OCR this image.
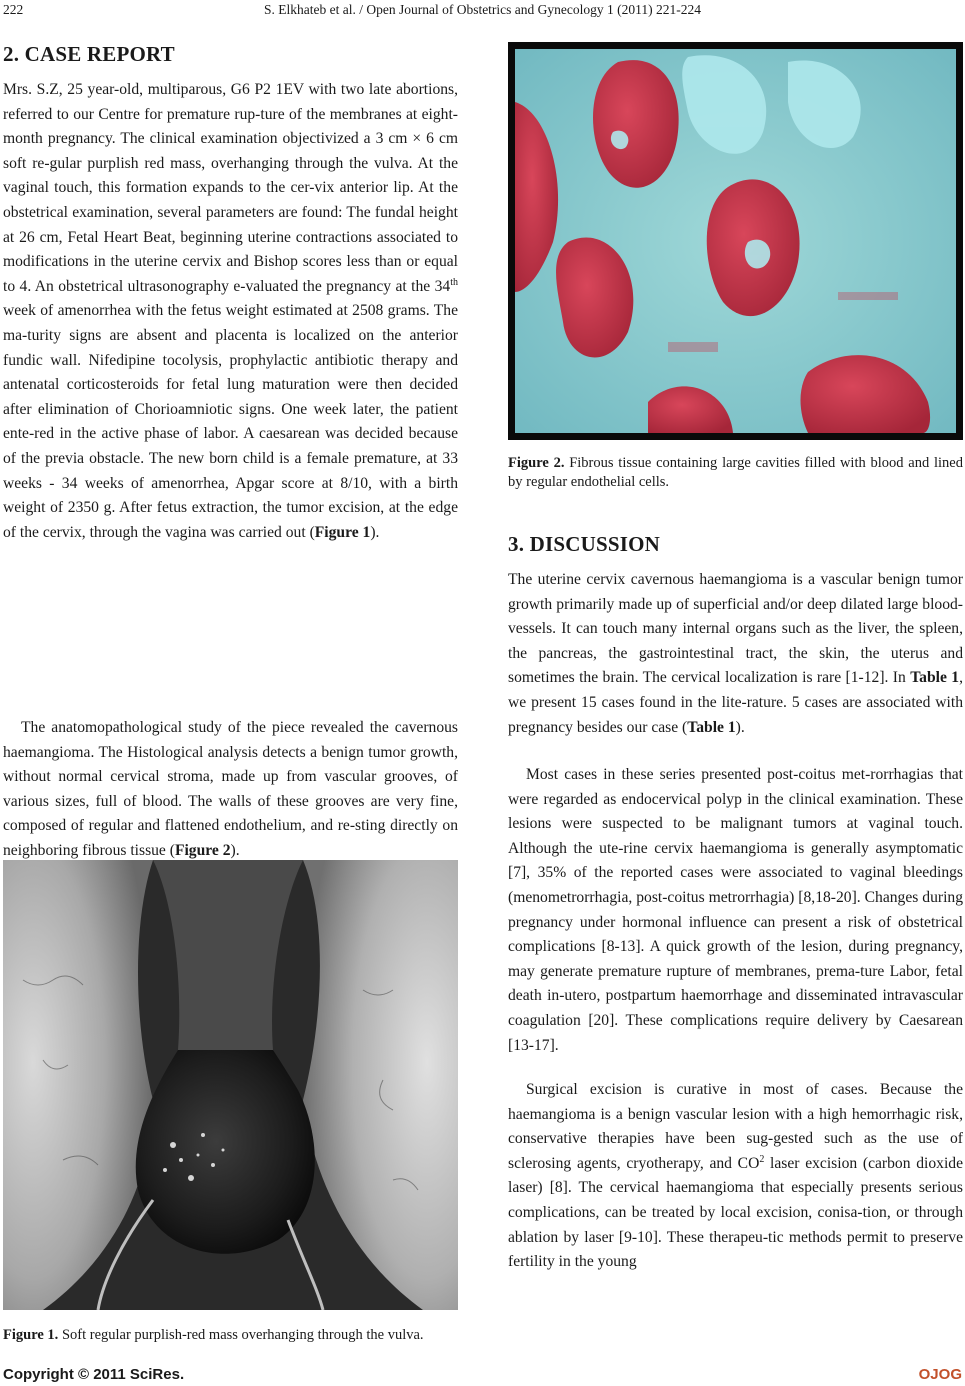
222	S. Elkhateb et al. / Open Journal of Obstetrics and Gynecology 1 (2011) 221-224
2. CASE REPORT

Mrs. S.Z, 25 year-old, multiparous, G6 P2 1EV with two late abortions, referred to our Centre for premature rup-ture of the membranes at eight-month pregnancy. The clinical examination objectivized a 3 cm × 6 cm soft re-gular purplish red mass, overhanging through the vulva. At the vaginal touch, this formation expands to the cer-vix anterior lip. At the obstetrical examination, several parameters are found: The fundal height at 26 cm, Fetal Heart Beat, beginning uterine contractions associated to modifications in the uterine cervix and Bishop scores less than or equal to 4. An obstetrical ultrasonography e-valuated the pregnancy at the 34th week of amenorrhea with the fetus weight estimated at 2508 grams. The ma-turity signs are absent and placenta is localized on the anterior fundic wall. Nifedipine tocolysis, prophylactic antibiotic therapy and antenatal corticosteroids for fetal lung maturation were then decided after elimination of Chorioamniotic signs. One week later, the patient ente-red in the active phase of labor. A caesarean was decided because of the previa obstacle. The new born child is a female premature, at 33 weeks - 34 weeks of amenorrhea, Apgar score at 8/10, with a birth weight of 2350 g. After fetus extraction, the tumor excision, at the edge of the cervix, through the vagina was carried out (Figure 1).

The anatomopathological study of the piece revealed the cavernous haemangioma. The Histological analysis detects a benign tumor growth, without normal cervical stroma, made up from vascular grooves, of various sizes, full of blood. The walls of these grooves are very fine, composed of regular and flattened endothelium, and re-sting directly on neighboring fibrous tissue (Figure 2).

Figure 1. Soft regular purplish-red mass overhanging through the vulva.

Figure 2. Fibrous tissue containing large cavities filled with blood and lined by regular endothelial cells.

3. DISCUSSION

The uterine cervix cavernous haemangioma is a vascular benign tumor growth primarily made up of superficial and/or deep dilated large blood-vessels. It can touch many internal organs such as the liver, the spleen, the pancreas, the gastrointestinal tract, the skin, the uterus and sometimes the brain. The cervical localization is rare [1-12]. In Table 1, we present 15 cases found in the lite-rature. 5 cases are associated with pregnancy besides our case (Table 1).

Most cases in these series presented post-coitus met-rorrhagias that were regarded as endocervical polyp in the clinical examination. These lesions were suspected to be malignant tumors at vaginal touch. Although the ute-rine cervix haemangioma is generally asymptomatic [7], 35% of the reported cases were associated to vaginal bleedings (menometrorrhagia, post-coitus metrorrhagia) [8,18-20]. Changes during pregnancy under hormonal influence can present a risk of obstetrical complications [8-13]. A quick growth of the lesion, during pregnancy, may generate premature rupture of membranes, prema-ture Labor, fetal death in-utero, postpartum haemorrhage and disseminated intravascular coagulation [20]. These complications require delivery by Caesarean [13-17].

Surgical excision is curative in most of cases. Because the haemangioma is a benign vascular lesion with a high hemorrhagic risk, conservative therapies have been sug-gested such as the use of sclerosing agents, cryotherapy, and $CO^2$ laser excision (carbon dioxide laser) [8]. The cervical haemangioma that especially presents serious complications, can be treated by local excision, conisa-tion, or through ablation by laser [9-10]. These therapeu-tic methods permit to preserve fertility in the young

Copyright © 2011 SciRes.	OJOG
